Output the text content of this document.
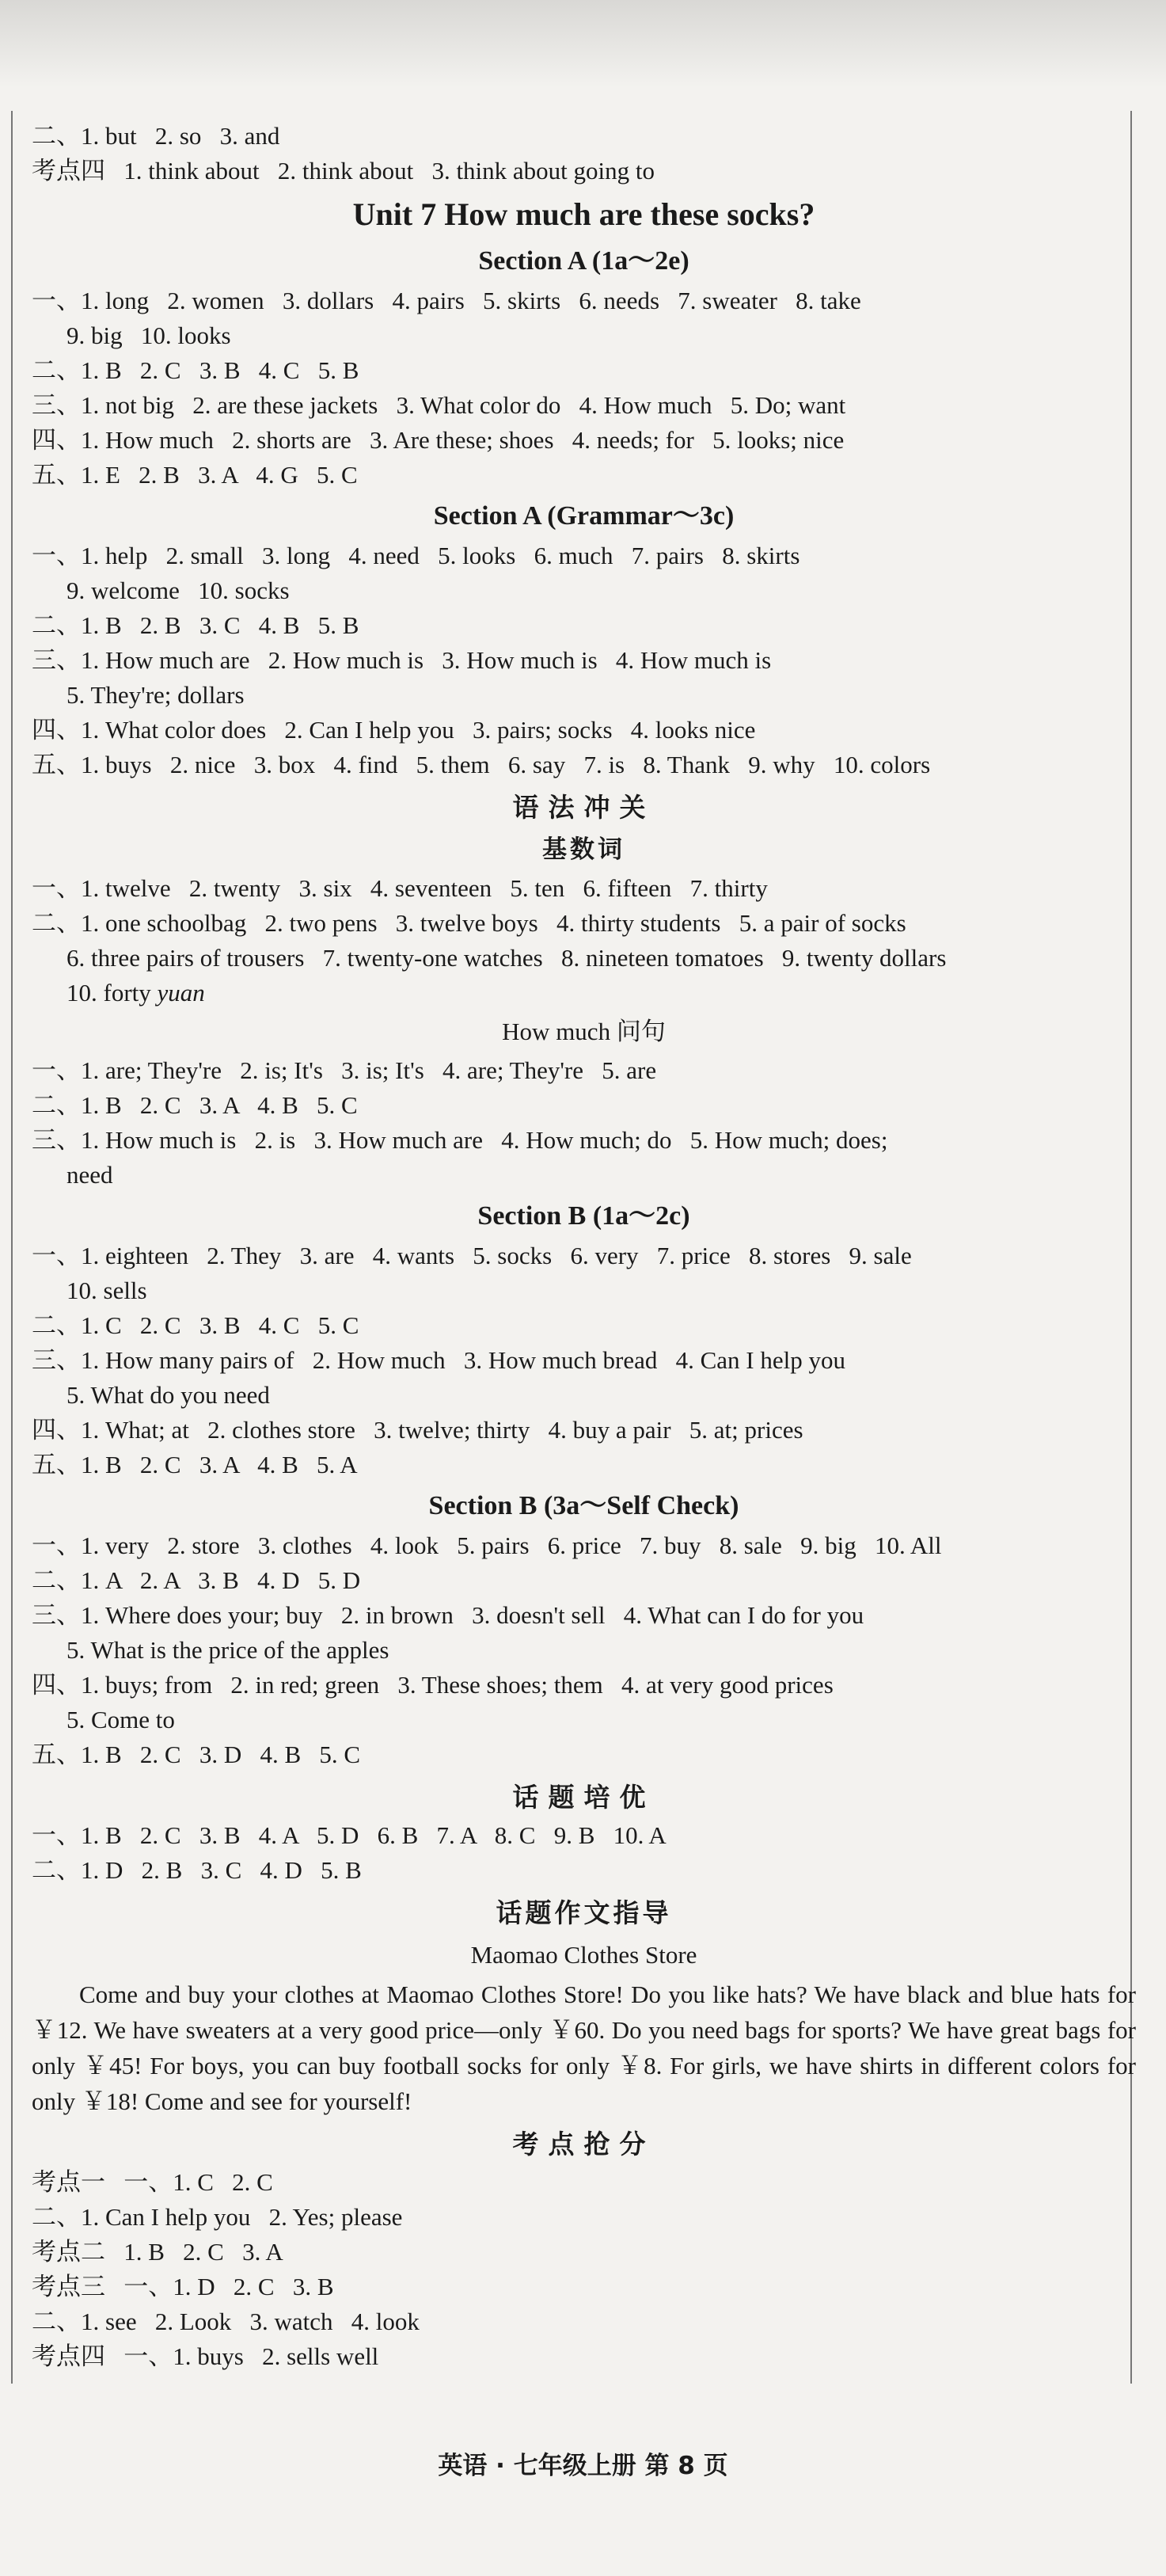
二、1. but   2. so   3. and
考点四   1. think about   2. think about   3. think about going to
Unit 7 How much are these socks?
Section A (1a～2e)
一、1. long   2. women   3. dollars   4. pairs   5. skirts   6. needs   7. sweater   8. take
9. big   10. looks
二、1. B   2. C   3. B   4. C   5. B
三、1. not big   2. are these jackets   3. What color do   4. How much   5. Do; want
四、1. How much   2. shorts are   3. Are these; shoes   4. needs; for   5. looks; nice
五、1. E   2. B   3. A   4. G   5. C
Section A (Grammar～3c)
一、1. help   2. small   3. long   4. need   5. looks   6. much   7. pairs   8. skirts
9. welcome   10. socks
二、1. B   2. B   3. C   4. B   5. B
三、1. How much are   2. How much is   3. How much is   4. How much is
5. They're; dollars
四、1. What color does   2. Can I help you   3. pairs; socks   4. looks nice
五、1. buys   2. nice   3. box   4. find   5. them   6. say   7. is   8. Thank   9. why   10. colors
语法冲关
基数词
一、1. twelve   2. twenty   3. six   4. seventeen   5. ten   6. fifteen   7. thirty
二、1. one schoolbag   2. two pens   3. twelve boys   4. thirty students   5. a pair of socks
6. three pairs of trousers   7. twenty-one watches   8. nineteen tomatoes   9. twenty dollars
10. forty yuan
How much 问句
一、1. are; They're   2. is; It's   3. is; It's   4. are; They're   5. are
二、1. B   2. C   3. A   4. B   5. C
三、1. How much is   2. is   3. How much are   4. How much; do   5. How much; does;
need
Section B (1a～2c)
一、1. eighteen   2. They   3. are   4. wants   5. socks   6. very   7. price   8. stores   9. sale
10. sells
二、1. C   2. C   3. B   4. C   5. C
三、1. How many pairs of   2. How much   3. How much bread   4. Can I help you
5. What do you need
四、1. What; at   2. clothes store   3. twelve; thirty   4. buy a pair   5. at; prices
五、1. B   2. C   3. A   4. B   5. A
Section B (3a～Self Check)
一、1. very   2. store   3. clothes   4. look   5. pairs   6. price   7. buy   8. sale   9. big   10. All
二、1. A   2. A   3. B   4. D   5. D
三、1. Where does your; buy   2. in brown   3. doesn't sell   4. What can I do for you
5. What is the price of the apples
四、1. buys; from   2. in red; green   3. These shoes; them   4. at very good prices
5. Come to
五、1. B   2. C   3. D   4. B   5. C
话题培优
一、1. B   2. C   3. B   4. A   5. D   6. B   7. A   8. C   9. B   10. A
二、1. D   2. B   3. C   4. D   5. B
话题作文指导
Maomao Clothes Store
Come and buy your clothes at Maomao Clothes Store! Do you like hats? We have black and blue hats for ￥12. We have sweaters at a very good price—only ￥60. Do you need bags for sports? We have great bags for only ￥45! For boys, you can buy football socks for only ￥8. For girls, we have shirts in different colors for only ￥18! Come and see for yourself!
考点抢分
考点一   一、1. C   2. C
二、1. Can I help you   2. Yes; please
考点二   1. B   2. C   3. A
考点三   一、1. D   2. C   3. B
二、1. see   2. Look   3. watch   4. look
考点四   一、1. buys   2. sells well
英语 · 七年级上册 第 8 页
